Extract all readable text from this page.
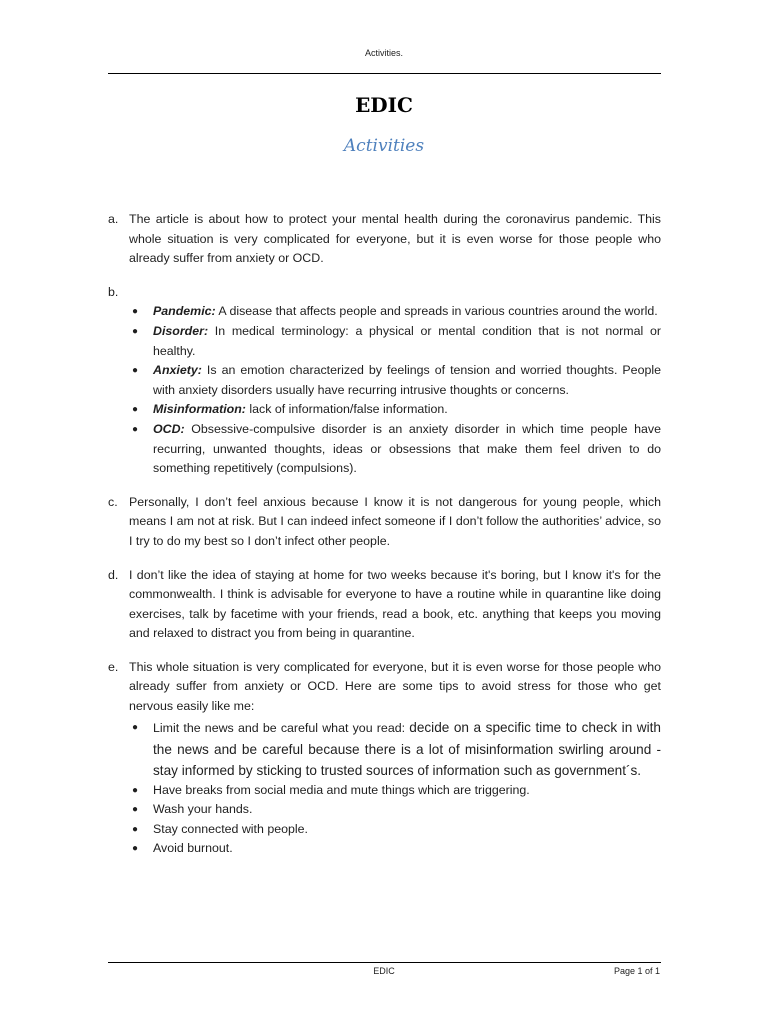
Activities.
EDIC
Activities
a. The article is about how to protect your mental health during the coronavirus pandemic. This whole situation is very complicated for everyone, but it is even worse for those people who already suffer from anxiety or OCD.

b.

● Pandemic: A disease that affects people and spreads in various countries around the world.
● Disorder: In medical terminology: a physical or mental condition that is not normal or healthy.
● Anxiety: Is an emotion characterized by feelings of tension and worried thoughts. People with anxiety disorders usually have recurring intrusive thoughts or concerns.
● Misinformation: lack of information/false information.
● OCD: Obsessive-compulsive disorder is an anxiety disorder in which time people have recurring, unwanted thoughts, ideas or obsessions that make them feel driven to do something repetitively (compulsions).
c. Personally, I don’t feel anxious because I know it is not dangerous for young people, which means I am not at risk. But I can indeed infect someone if I don’t follow the authorities’ advice, so I try to do my best so I don’t infect other people.

d. I don’t like the idea of staying at home for two weeks because it's boring, but I know it's for the commonwealth. I think is advisable for everyone to have a routine while in quarantine like doing exercises, talk by facetime with your friends, read a book, etc. anything that keeps you moving and relaxed to distract you from being in quarantine.

e. This whole situation is very complicated for everyone, but it is even worse for those people who already suffer from anxiety or OCD. Here are some tips to avoid stress for those who get nervous easily like me:

● Limit the news and be careful what you read: decide on a specific time to check in with the news and be careful because there is a lot of misinformation swirling around - stay informed by sticking to trusted sources of information such as government´s.
● Have breaks from social media and mute things which are triggering.
● Wash your hands.
● Stay connected with people.
● Avoid burnout.
EDIC	Page 1 of 1
